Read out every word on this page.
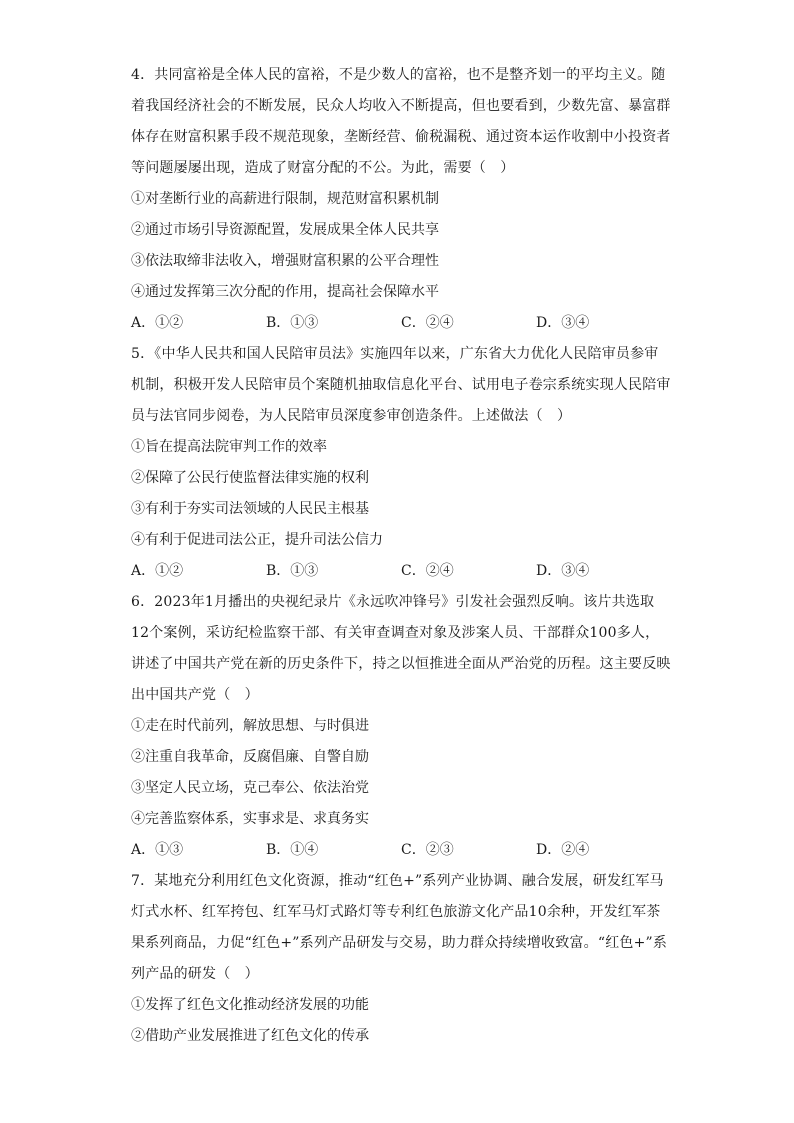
4．共同富裕是全体人民的富裕，不是少数人的富裕，也不是整齐划一的平均主义。随着我国经济社会的不断发展，民众人均收入不断提高，但也要看到，少数先富、暴富群体存在财富积累手段不规范现象，垄断经营、偷税漏税、通过资本运作收割中小投资者等问题屡屡出现，造成了财富分配的不公。为此，需要（　）

①对垄断行业的高薪进行限制，规范财富积累机制

②通过市场引导资源配置，发展成果全体人民共享

③依法取缔非法收入，增强财富积累的公平合理性

④通过发挥第三次分配的作用，提高社会保障水平

A．①②	B．①③	C．②④	D．③④

5．《中华人民共和国人民陪审员法》实施四年以来，广东省大力优化人民陪审员参审机制，积极开发人民陪审员个案随机抽取信息化平台、试用电子卷宗系统实现人民陪审员与法官同步阅卷，为人民陪审员深度参审创造条件。上述做法（　）

①旨在提高法院审判工作的效率

②保障了公民行使监督法律实施的权利

③有利于夯实司法领域的人民民主根基

④有利于促进司法公正，提升司法公信力

A．①②	B．①③	C．②④	D．③④

6．2023年1月播出的央视纪录片《永远吹冲锋号》引发社会强烈反响。该片共选取12个案例，采访纪检监察干部、有关审查调查对象及涉案人员、干部群众100多人，讲述了中国共产党在新的历史条件下，持之以恒推进全面从严治党的历程。这主要反映出中国共产党（　）

①走在时代前列，解放思想、与时俱进

②注重自我革命，反腐倡廉、自警自励

③坚定人民立场，克己奉公、依法治党

④完善监察体系，实事求是、求真务实

A．①③	B．①④	C．②③	D．②④

7．某地充分利用红色文化资源，推动“红色+”系列产业协调、融合发展，研发红军马灯式水杯、红军挎包、红军马灯式路灯等专利红色旅游文化产品10余种，开发红军茶果系列商品，力促“红色+”系列产品研发与交易，助力群众持续增收致富。“红色+”系列产品的研发（　）

①发挥了红色文化推动经济发展的功能

②借助产业发展推进了红色文化的传承
